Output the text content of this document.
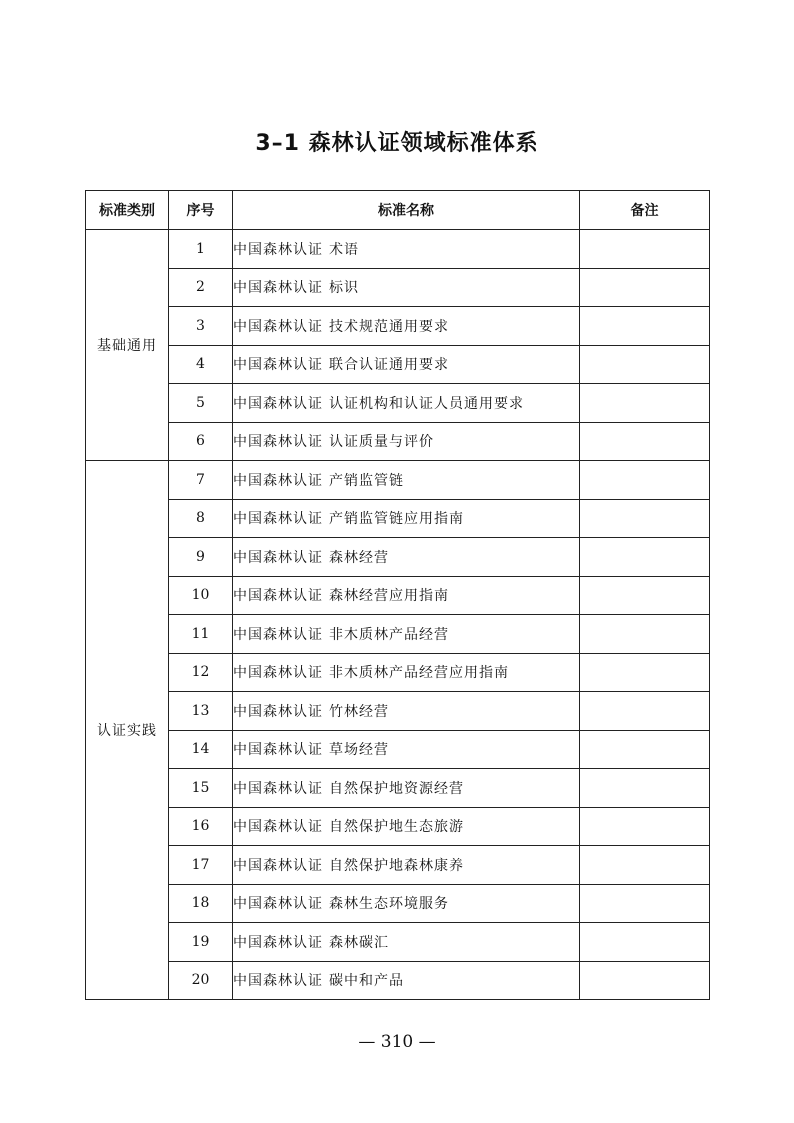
3–1 森林认证领域标准体系
标准类别	序号	标准名称	备注
基础通用	1	中国森林认证 术语	
	2	中国森林认证 标识	
	3	中国森林认证 技术规范通用要求	
	4	中国森林认证 联合认证通用要求	
	5	中国森林认证 认证机构和认证人员通用要求	
	6	中国森林认证 认证质量与评价	
认证实践	7	中国森林认证 产销监管链	
	8	中国森林认证 产销监管链应用指南	
	9	中国森林认证 森林经营	
	10	中国森林认证 森林经营应用指南	
	11	中国森林认证 非木质林产品经营	
	12	中国森林认证 非木质林产品经营应用指南	
	13	中国森林认证 竹林经营	
	14	中国森林认证 草场经营	
	15	中国森林认证 自然保护地资源经营	
	16	中国森林认证 自然保护地生态旅游	
	17	中国森林认证 自然保护地森林康养	
	18	中国森林认证 森林生态环境服务	
	19	中国森林认证 森林碳汇	
	20	中国森林认证 碳中和产品	
— 310 —
